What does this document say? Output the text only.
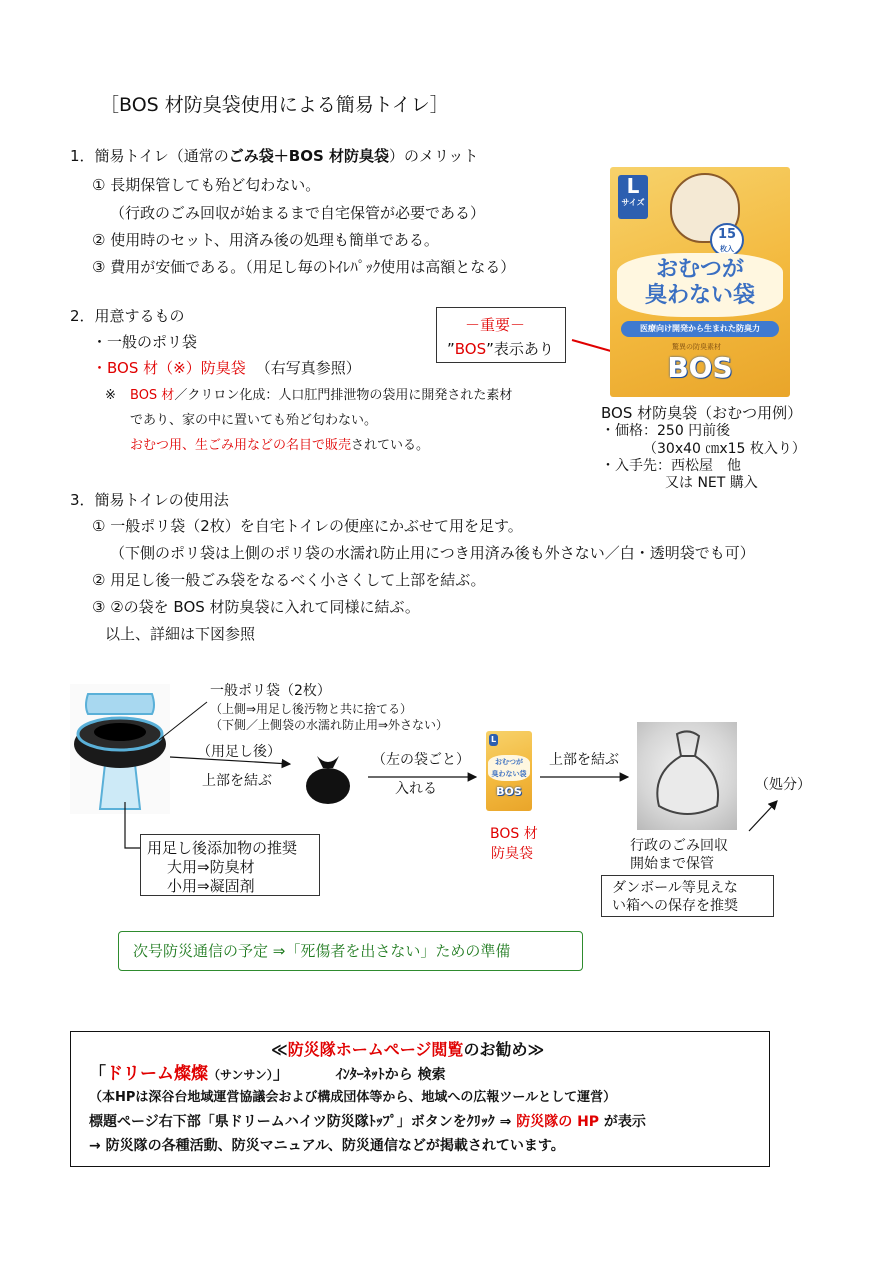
［BOS 材防臭袋使用による簡易トイレ］
1．簡易トイレ（通常のごみ袋＋BOS 材防臭袋）のメリット
① 長期保管しても殆ど匂わない。
（行政のごみ回収が始まるまで自宅保管が必要である）
② 使用時のセット、用済み後の処理も簡単である。
③ 費用が安価である。（用足し毎のﾄｲﾚﾊﾟｯｸ使用は高額となる）
2．用意するもの
・一般のポリ袋
・BOS 材（※）防臭袋 （右写真参照）
※ BOS 材／クリロン化成：人口肛門排泄物の袋用に開発された素材
であり、家の中に置いても殆ど匂わない。
おむつ用、生ごみ用などの名目で販売されている。
－重要－
”BOS”表示あり
L
サイズ
15
枚入
おむつが
臭わない袋
医療向け開発から生まれた防臭力
驚異の防臭素材
BOS
BOS 材防臭袋（おむつ用例）
・価格：250 円前後
（30x40 ㎝x15 枚入り）
・入手先：西松屋　他
又は NET 購入
3．簡易トイレの使用法
① 一般ポリ袋（2枚）を自宅トイレの便座にかぶせて用を足す。
（下側のポリ袋は上側のポリ袋の水濡れ防止用につき用済み後も外さない／白・透明袋でも可）
② 用足し後一般ごみ袋をなるべく小さくして上部を結ぶ。
③ ②の袋を BOS 材防臭袋に入れて同様に結ぶ。
以上、詳細は下図参照
一般ポリ袋（2枚）
（上側⇒用足し後汚物と共に捨てる）
（下側／上側袋の水濡れ防止用⇒外さない）
（用足し後）
上部を結ぶ
（左の袋ごと）
入れる
L
おむつが
臭わない袋
BOS
BOS 材
防臭袋
上部を結ぶ
（処分）
行政のごみ回収
開始まで保管
ダンボール等見えな
い箱への保存を推奨
用足し後添加物の推奨
大用⇒防臭材
小用⇒凝固剤
次号防災通信の予定 ⇒「死傷者を出さない」ための準備
≪防災隊ホームページ閲覧のお勧め≫
「ドリーム燦燦（サンサン）」	ｲﾝﾀｰﾈｯﾄから 検索
（本HPは深谷台地域運営協議会および構成団体等から、地域への広報ツールとして運営）
標題ページ右下部「県ドリームハイツ防災隊ﾄｯﾌﾟ」ボタンをｸﾘｯｸ ⇒ 防災隊の HP が表示
→ 防災隊の各種活動、防災マニュアル、防災通信などが掲載されています。
